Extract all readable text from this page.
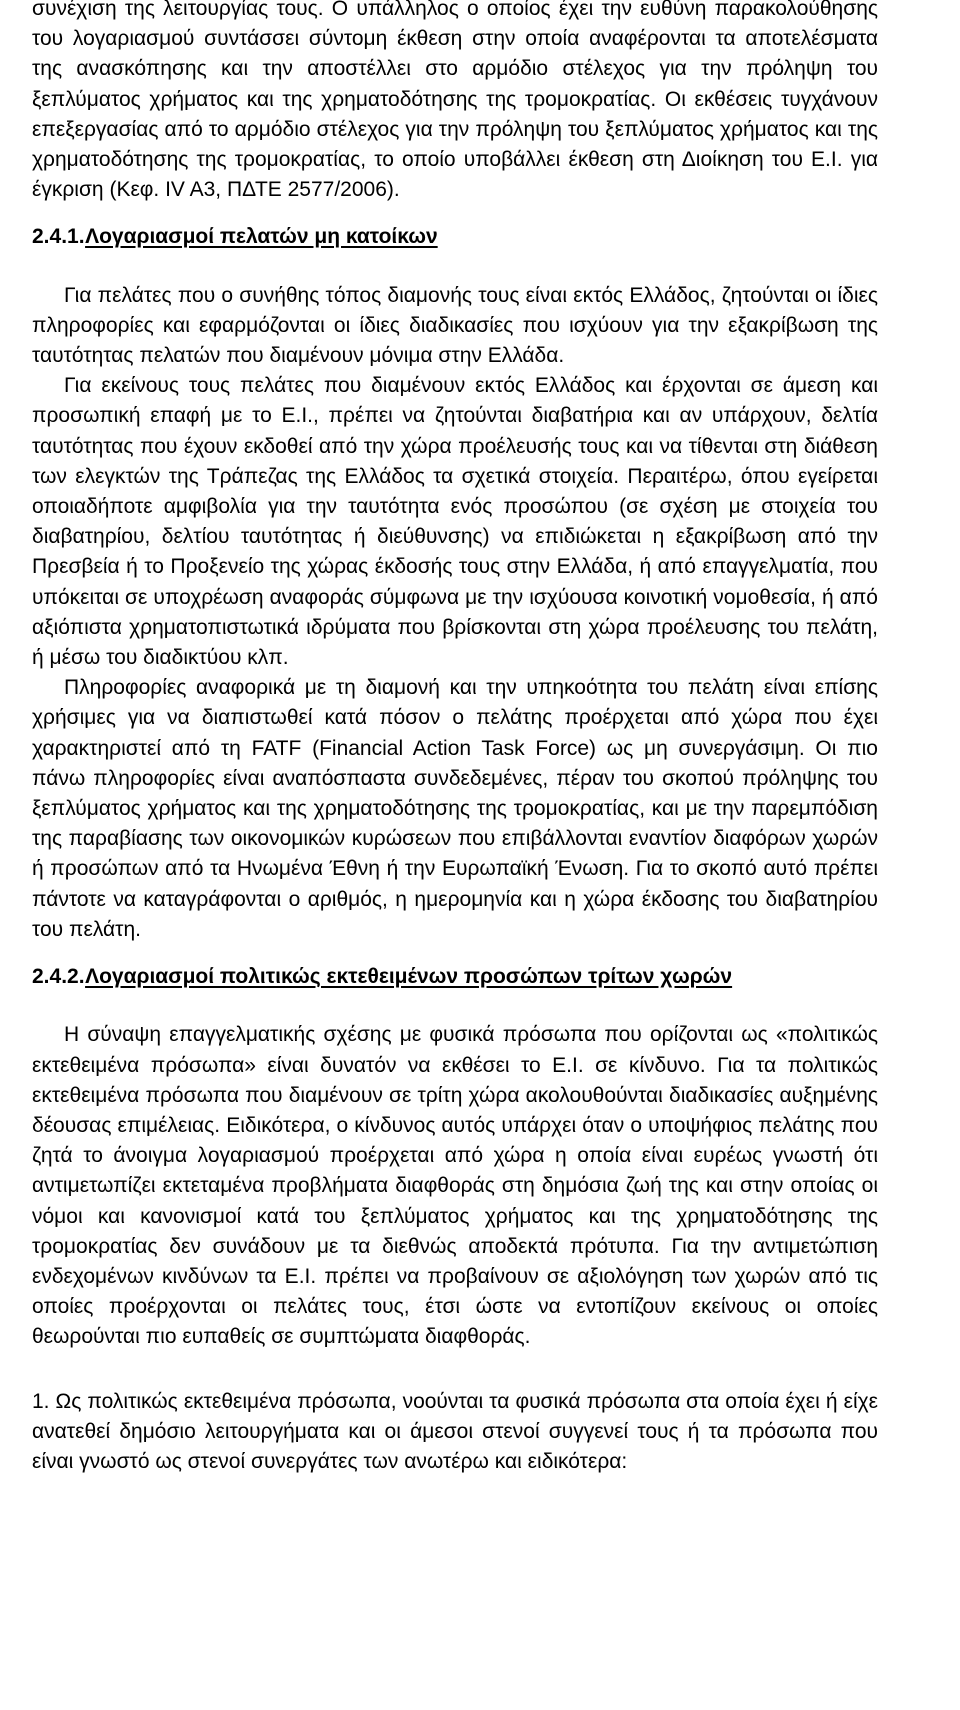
συνέχιση της λειτουργίας τους. Ο υπάλληλος ο οποίος έχει την ευθύνη παρακολούθησης του λογαριασμού συντάσσει σύντομη έκθεση στην οποία αναφέρονται τα αποτελέσματα της ανασκόπησης και την αποστέλλει στο αρμόδιο στέλεχος για την πρόληψη του ξεπλύματος χρήματος και της χρηματοδότησης της τρομοκρατίας. Οι εκθέσεις τυγχάνουν επεξεργασίας από το αρμόδιο στέλεχος για την πρόληψη του ξεπλύματος χρήματος και της χρηματοδότησης της τρομοκρατίας, το οποίο υποβάλλει έκθεση στη Διοίκηση του Ε.Ι. για έγκριση (Κεφ. IV A3, ΠΔΤΕ 2577/2006).

2.4.1. Λογαριασμοί πελατών μη κατοίκων

Για πελάτες που ο συνήθης τόπος διαμονής τους είναι εκτός Ελλάδος, ζητούνται οι ίδιες πληροφορίες και εφαρμόζονται οι ίδιες διαδικασίες που ισχύουν για την εξακρίβωση της ταυτότητας πελατών που διαμένουν μόνιμα στην Ελλάδα.

Για εκείνους τους πελάτες που διαμένουν εκτός Ελλάδος και έρχονται σε άμεση και προσωπική επαφή με το Ε.Ι., πρέπει να ζητούνται διαβατήρια και αν υπάρχουν, δελτία ταυτότητας που έχουν εκδοθεί από την χώρα προέλευσής τους και να τίθενται στη διάθεση των ελεγκτών της Τράπεζας της Ελλάδος τα σχετικά στοιχεία. Περαιτέρω, όπου εγείρεται οποιαδήποτε αμφιβολία για την ταυτότητα ενός προσώπου (σε σχέση με στοιχεία του διαβατηρίου, δελτίου ταυτότητας ή διεύθυνσης) να επιδιώκεται η εξακρίβωση από την Πρεσβεία ή το Προξενείο της χώρας έκδοσής τους στην Ελλάδα, ή από επαγγελματία, που υπόκειται σε υποχρέωση αναφοράς σύμφωνα με την ισχύουσα κοινοτική νομοθεσία, ή από αξιόπιστα χρηματοπιστωτικά ιδρύματα που βρίσκονται στη χώρα προέλευσης του πελάτη, ή μέσω του διαδικτύου κλπ.

Πληροφορίες αναφορικά με τη διαμονή και την υπηκοότητα του πελάτη είναι επίσης χρήσιμες για να διαπιστωθεί κατά πόσον ο πελάτης προέρχεται από χώρα που έχει χαρακτηριστεί από τη FATF (Financial Action Task Force) ως μη συνεργάσιμη. Οι πιο πάνω πληροφορίες είναι αναπόσπαστα συνδεδεμένες, πέραν του σκοπού πρόληψης του ξεπλύματος χρήματος και της χρηματοδότησης της τρομοκρατίας, και με την παρεμπόδιση της παραβίασης των οικονομικών κυρώσεων που επιβάλλονται εναντίον διαφόρων χωρών ή προσώπων από τα Ηνωμένα Έθνη ή την Ευρωπαϊκή Ένωση. Για το σκοπό αυτό πρέπει πάντοτε να καταγράφονται ο αριθμός, η ημερομηνία και η χώρα έκδοσης του διαβατηρίου του πελάτη.

2.4.2. Λογαριασμοί πολιτικώς εκτεθειμένων προσώπων τρίτων χωρών

Η σύναψη επαγγελματικής σχέσης με φυσικά πρόσωπα που ορίζονται ως «πολιτικώς εκτεθειμένα πρόσωπα» είναι δυνατόν να εκθέσει το Ε.Ι. σε κίνδυνο. Για τα πολιτικώς εκτεθειμένα πρόσωπα που διαμένουν σε τρίτη χώρα ακολουθούνται διαδικασίες αυξημένης δέουσας επιμέλειας. Ειδικότερα, ο κίνδυνος αυτός υπάρχει όταν ο υποψήφιος πελάτης που ζητά το άνοιγμα λογαριασμού προέρχεται από χώρα η οποία είναι ευρέως γνωστή ότι αντιμετωπίζει εκτεταμένα προβλήματα διαφθοράς στη δημόσια ζωή της και στην οποίας οι νόμοι και κανονισμοί κατά του ξεπλύματος χρήματος και της χρηματοδότησης της τρομοκρατίας δεν συνάδουν με τα διεθνώς αποδεκτά πρότυπα. Για την αντιμετώπιση ενδεχομένων κινδύνων τα Ε.Ι. πρέπει να προβαίνουν σε αξιολόγηση των χωρών από τις οποίες προέρχονται οι πελάτες τους, έτσι ώστε να εντοπίζουν εκείνους οι οποίες θεωρούνται πιο ευπαθείς σε συμπτώματα διαφθοράς.

1. Ως πολιτικώς εκτεθειμένα πρόσωπα, νοούνται τα φυσικά πρόσωπα στα οποία έχει ή είχε ανατεθεί δημόσιο λειτουργήματα και οι άμεσοι στενοί συγγενεί τους ή τα πρόσωπα που είναι γνωστό ως στενοί συνεργάτες των ανωτέρω και ειδικότερα:
